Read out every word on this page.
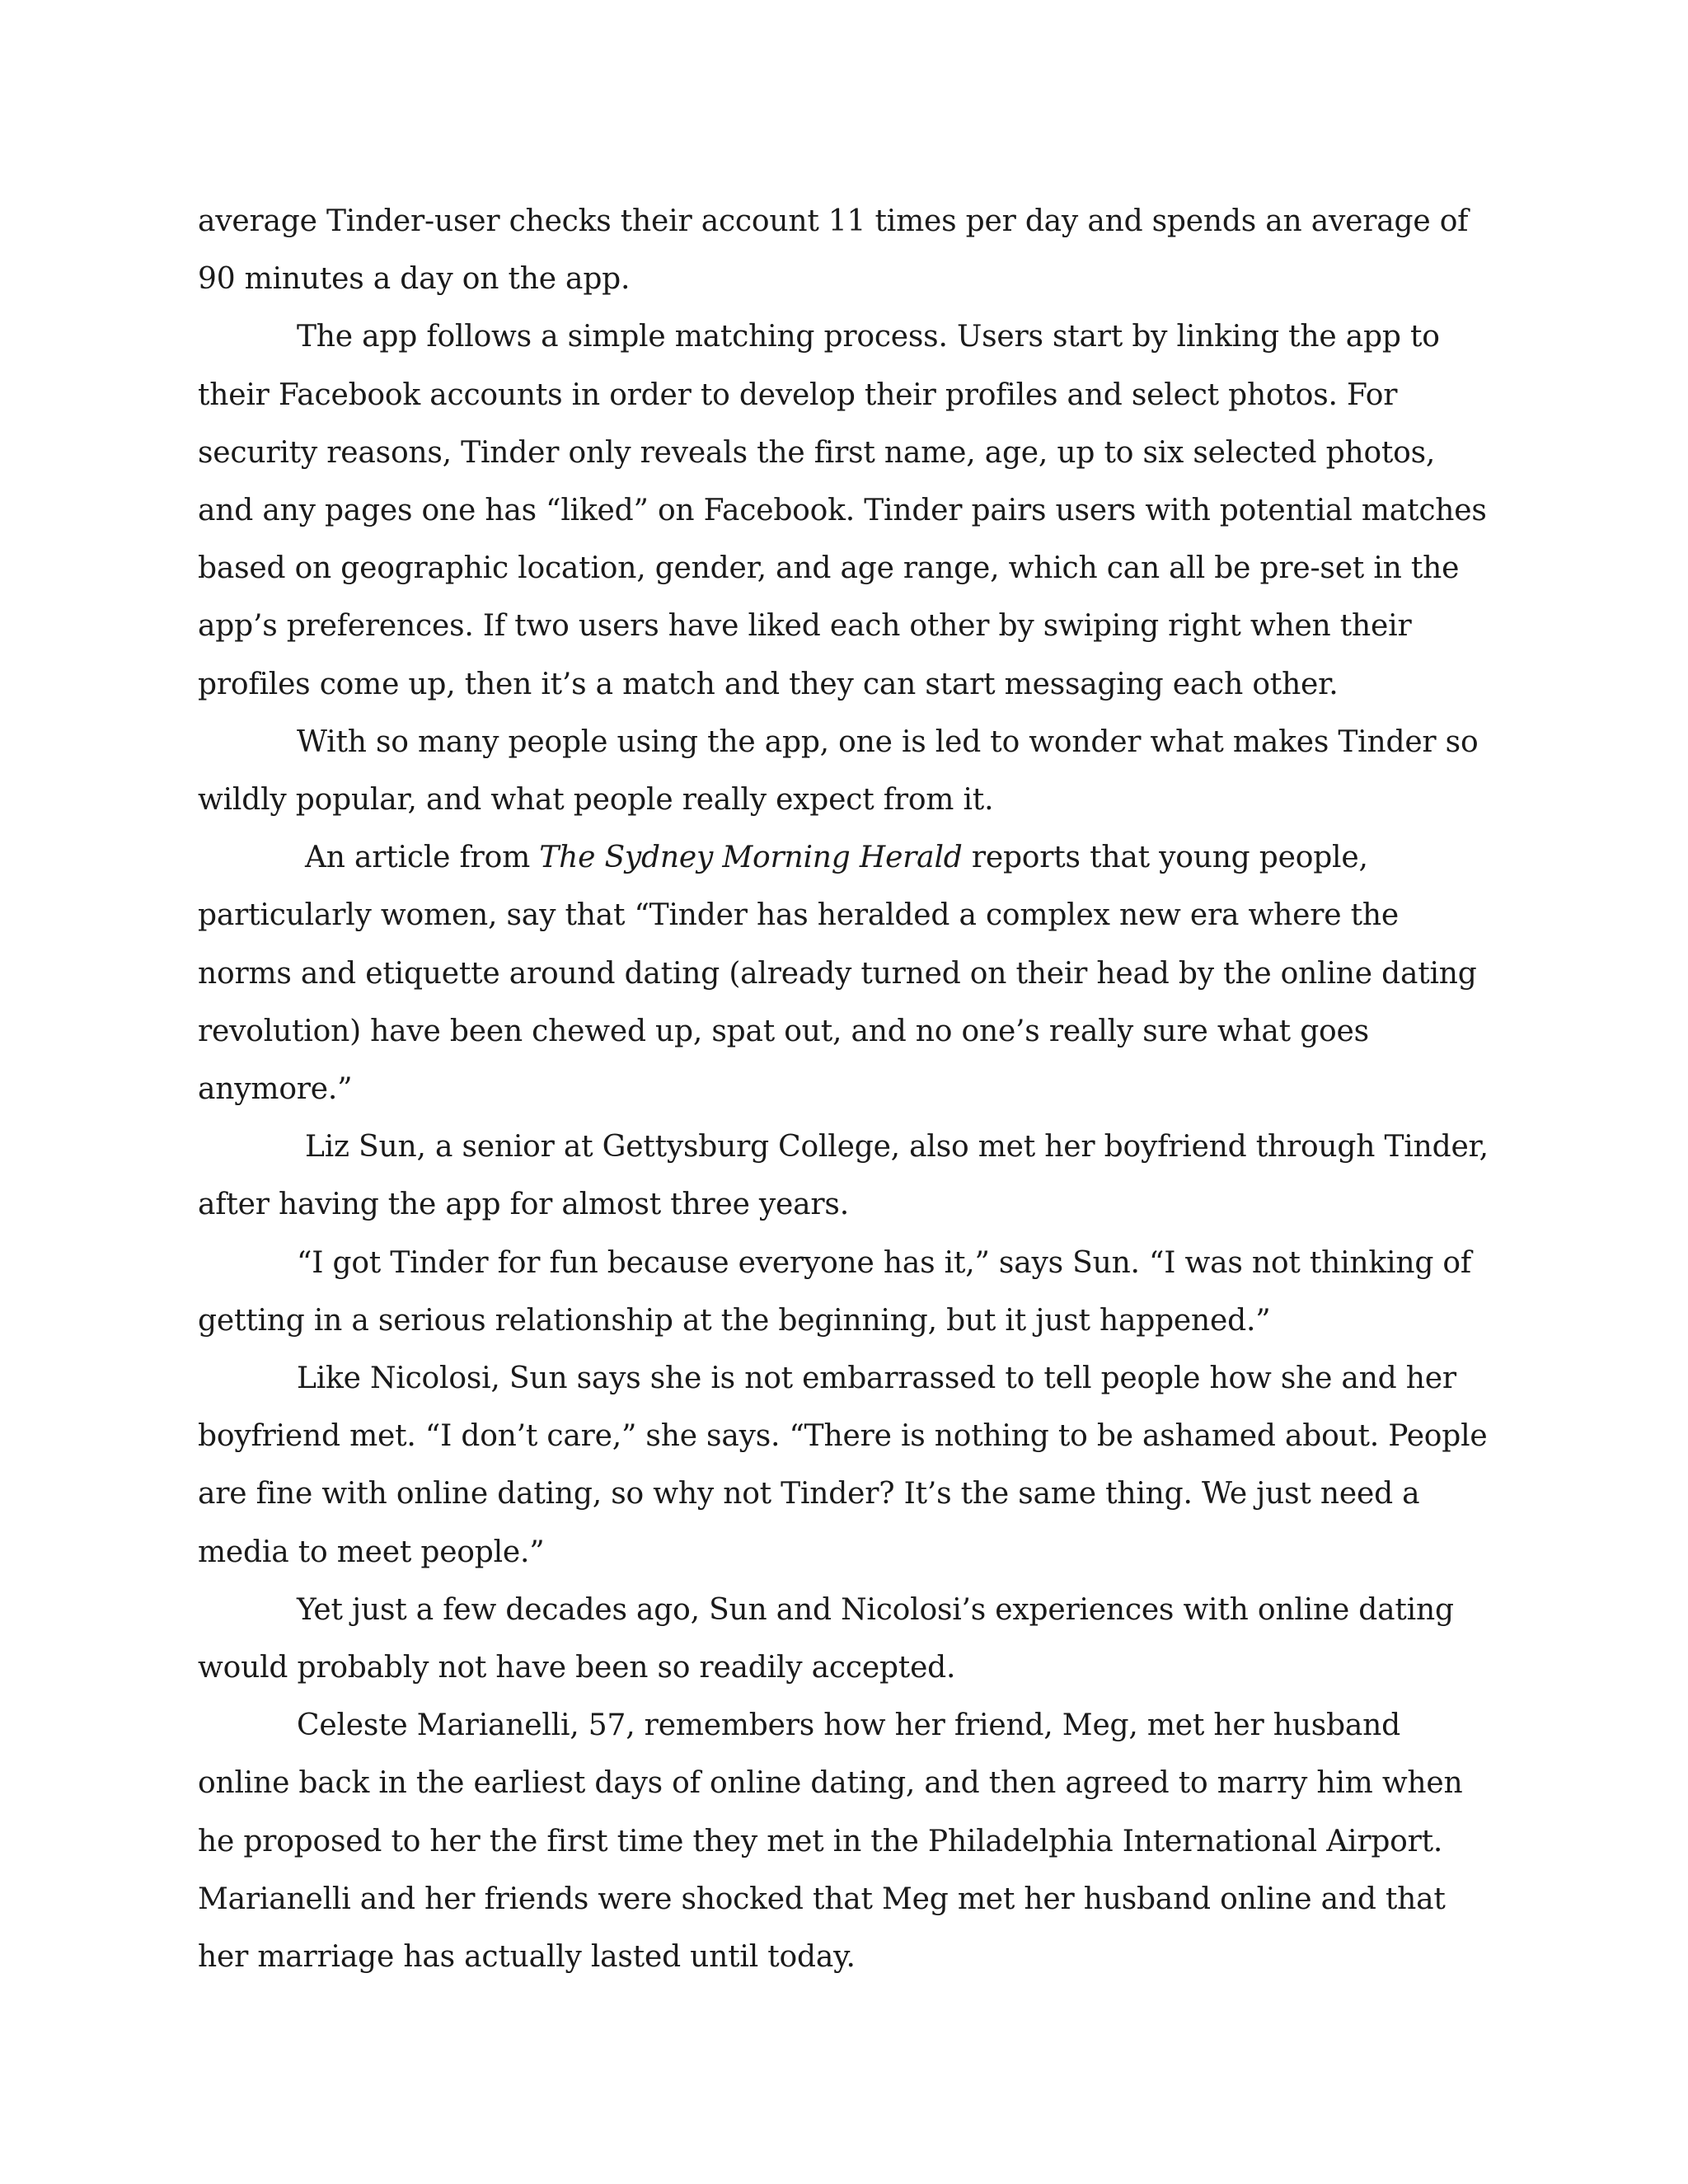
average Tinder-user checks their account 11 times per day and spends an average of 90 minutes a day on the app.

The app follows a simple matching process. Users start by linking the app to their Facebook accounts in order to develop their profiles and select photos. For security reasons, Tinder only reveals the first name, age, up to six selected photos, and any pages one has “liked” on Facebook. Tinder pairs users with potential matches based on geographic location, gender, and age range, which can all be pre-set in the app’s preferences. If two users have liked each other by swiping right when their profiles come up, then it’s a match and they can start messaging each other.

With so many people using the app, one is led to wonder what makes Tinder so wildly popular, and what people really expect from it.

An article from The Sydney Morning Herald reports that young people, particularly women, say that “Tinder has heralded a complex new era where the norms and etiquette around dating (already turned on their head by the online dating revolution) have been chewed up, spat out, and no one’s really sure what goes anymore.”

Liz Sun, a senior at Gettysburg College, also met her boyfriend through Tinder, after having the app for almost three years.

“I got Tinder for fun because everyone has it,” says Sun. “I was not thinking of getting in a serious relationship at the beginning, but it just happened.”

Like Nicolosi, Sun says she is not embarrassed to tell people how she and her boyfriend met. “I don’t care,” she says. “There is nothing to be ashamed about. People are fine with online dating, so why not Tinder? It’s the same thing. We just need a media to meet people.”

Yet just a few decades ago, Sun and Nicolosi’s experiences with online dating would probably not have been so readily accepted.

Celeste Marianelli, 57, remembers how her friend, Meg, met her husband online back in the earliest days of online dating, and then agreed to marry him when he proposed to her the first time they met in the Philadelphia International Airport. Marianelli and her friends were shocked that Meg met her husband online and that her marriage has actually lasted until today.
